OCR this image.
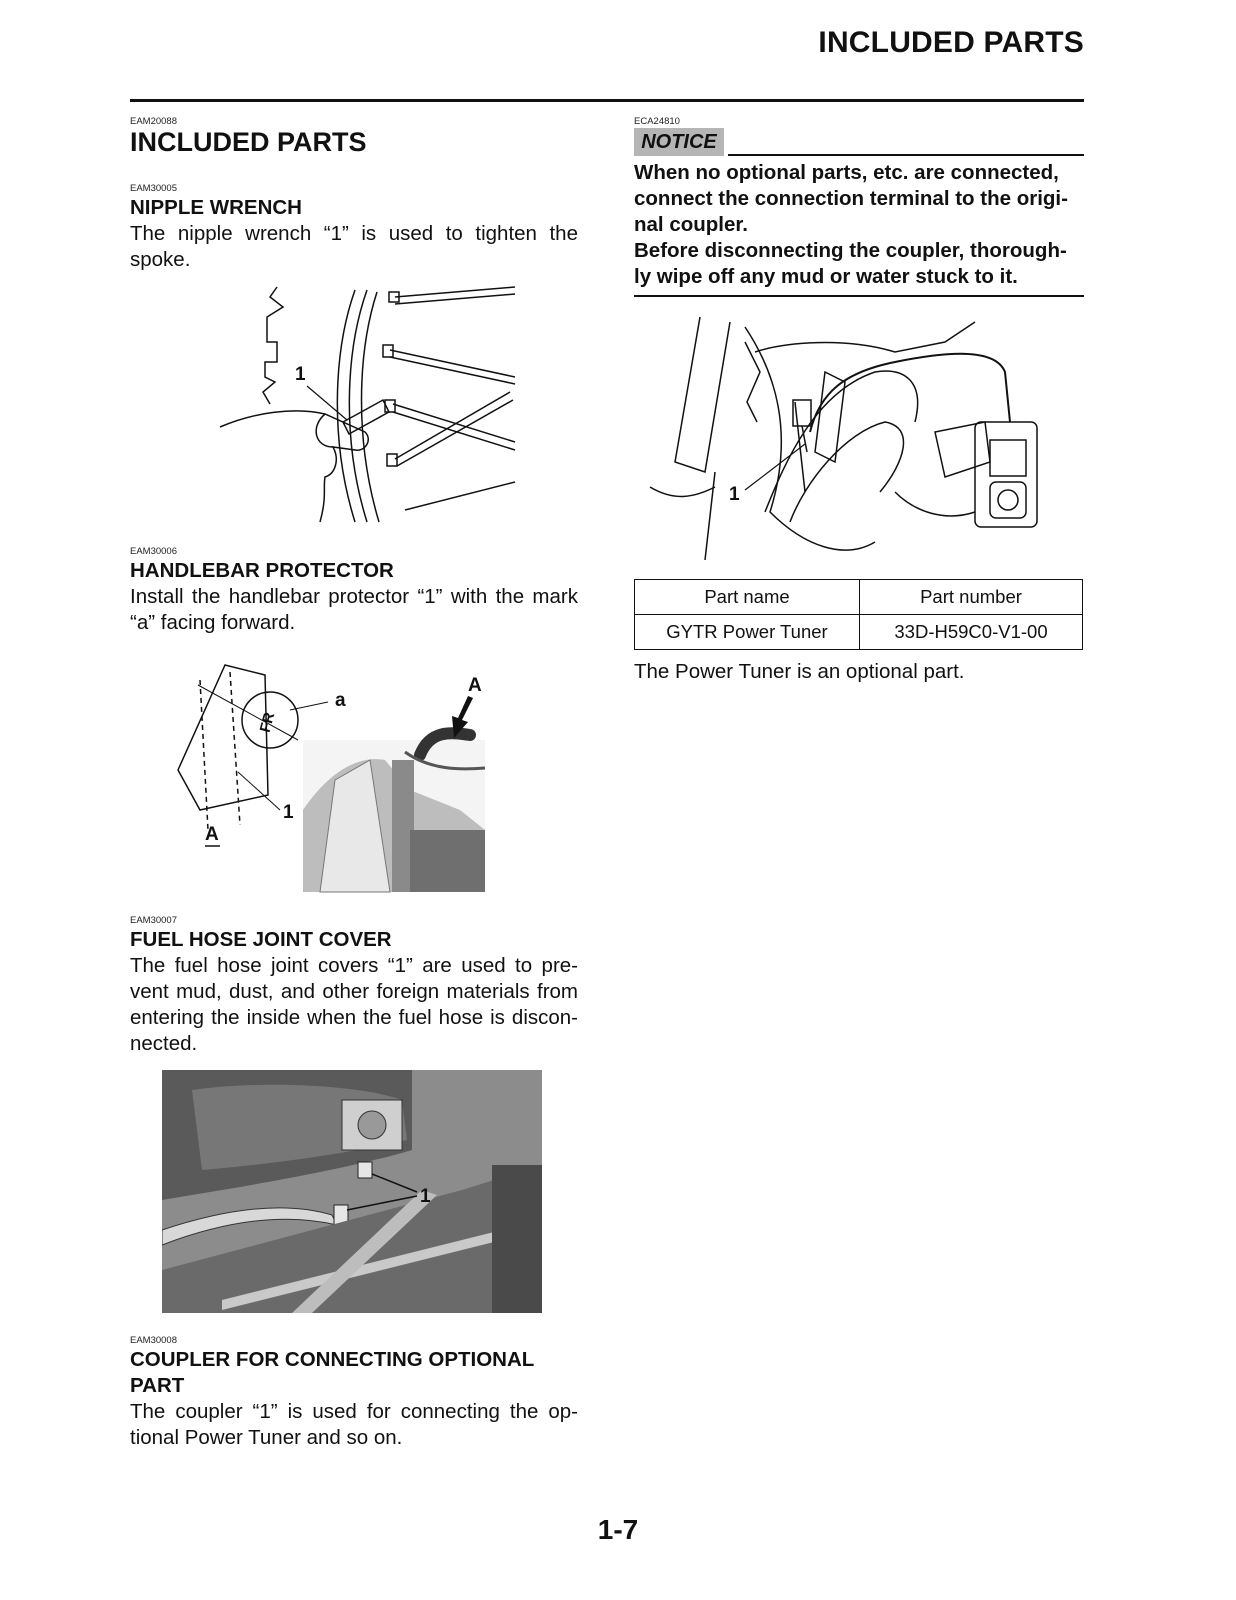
INCLUDED PARTS
EAM20088
INCLUDED PARTS
EAM30005
NIPPLE WRENCH
The nipple wrench “1” is used to tighten the
spoke.
1
EAM30006
HANDLEBAR PROTECTOR
Install the handlebar protector “1” with the mark
“a” facing forward.
FR
a
1
A
A
EAM30007
FUEL HOSE JOINT COVER
The fuel hose joint covers “1” are used to pre-
vent mud, dust, and other foreign materials from
entering the inside when the fuel hose is discon-
nected.
1
EAM30008
COUPLER FOR CONNECTING OPTIONAL
PART
The coupler “1” is used for connecting the op-
tional Power Tuner and so on.
ECA24810
NOTICE
When no optional parts, etc. are connected,
connect the connection terminal to the origi-
nal coupler.
Before disconnecting the coupler, thorough-
ly wipe off any mud or water stuck to it.
1
Part name	Part number
GYTR Power Tuner	33D-H59C0-V1-00
The Power Tuner is an optional part.
1-7
